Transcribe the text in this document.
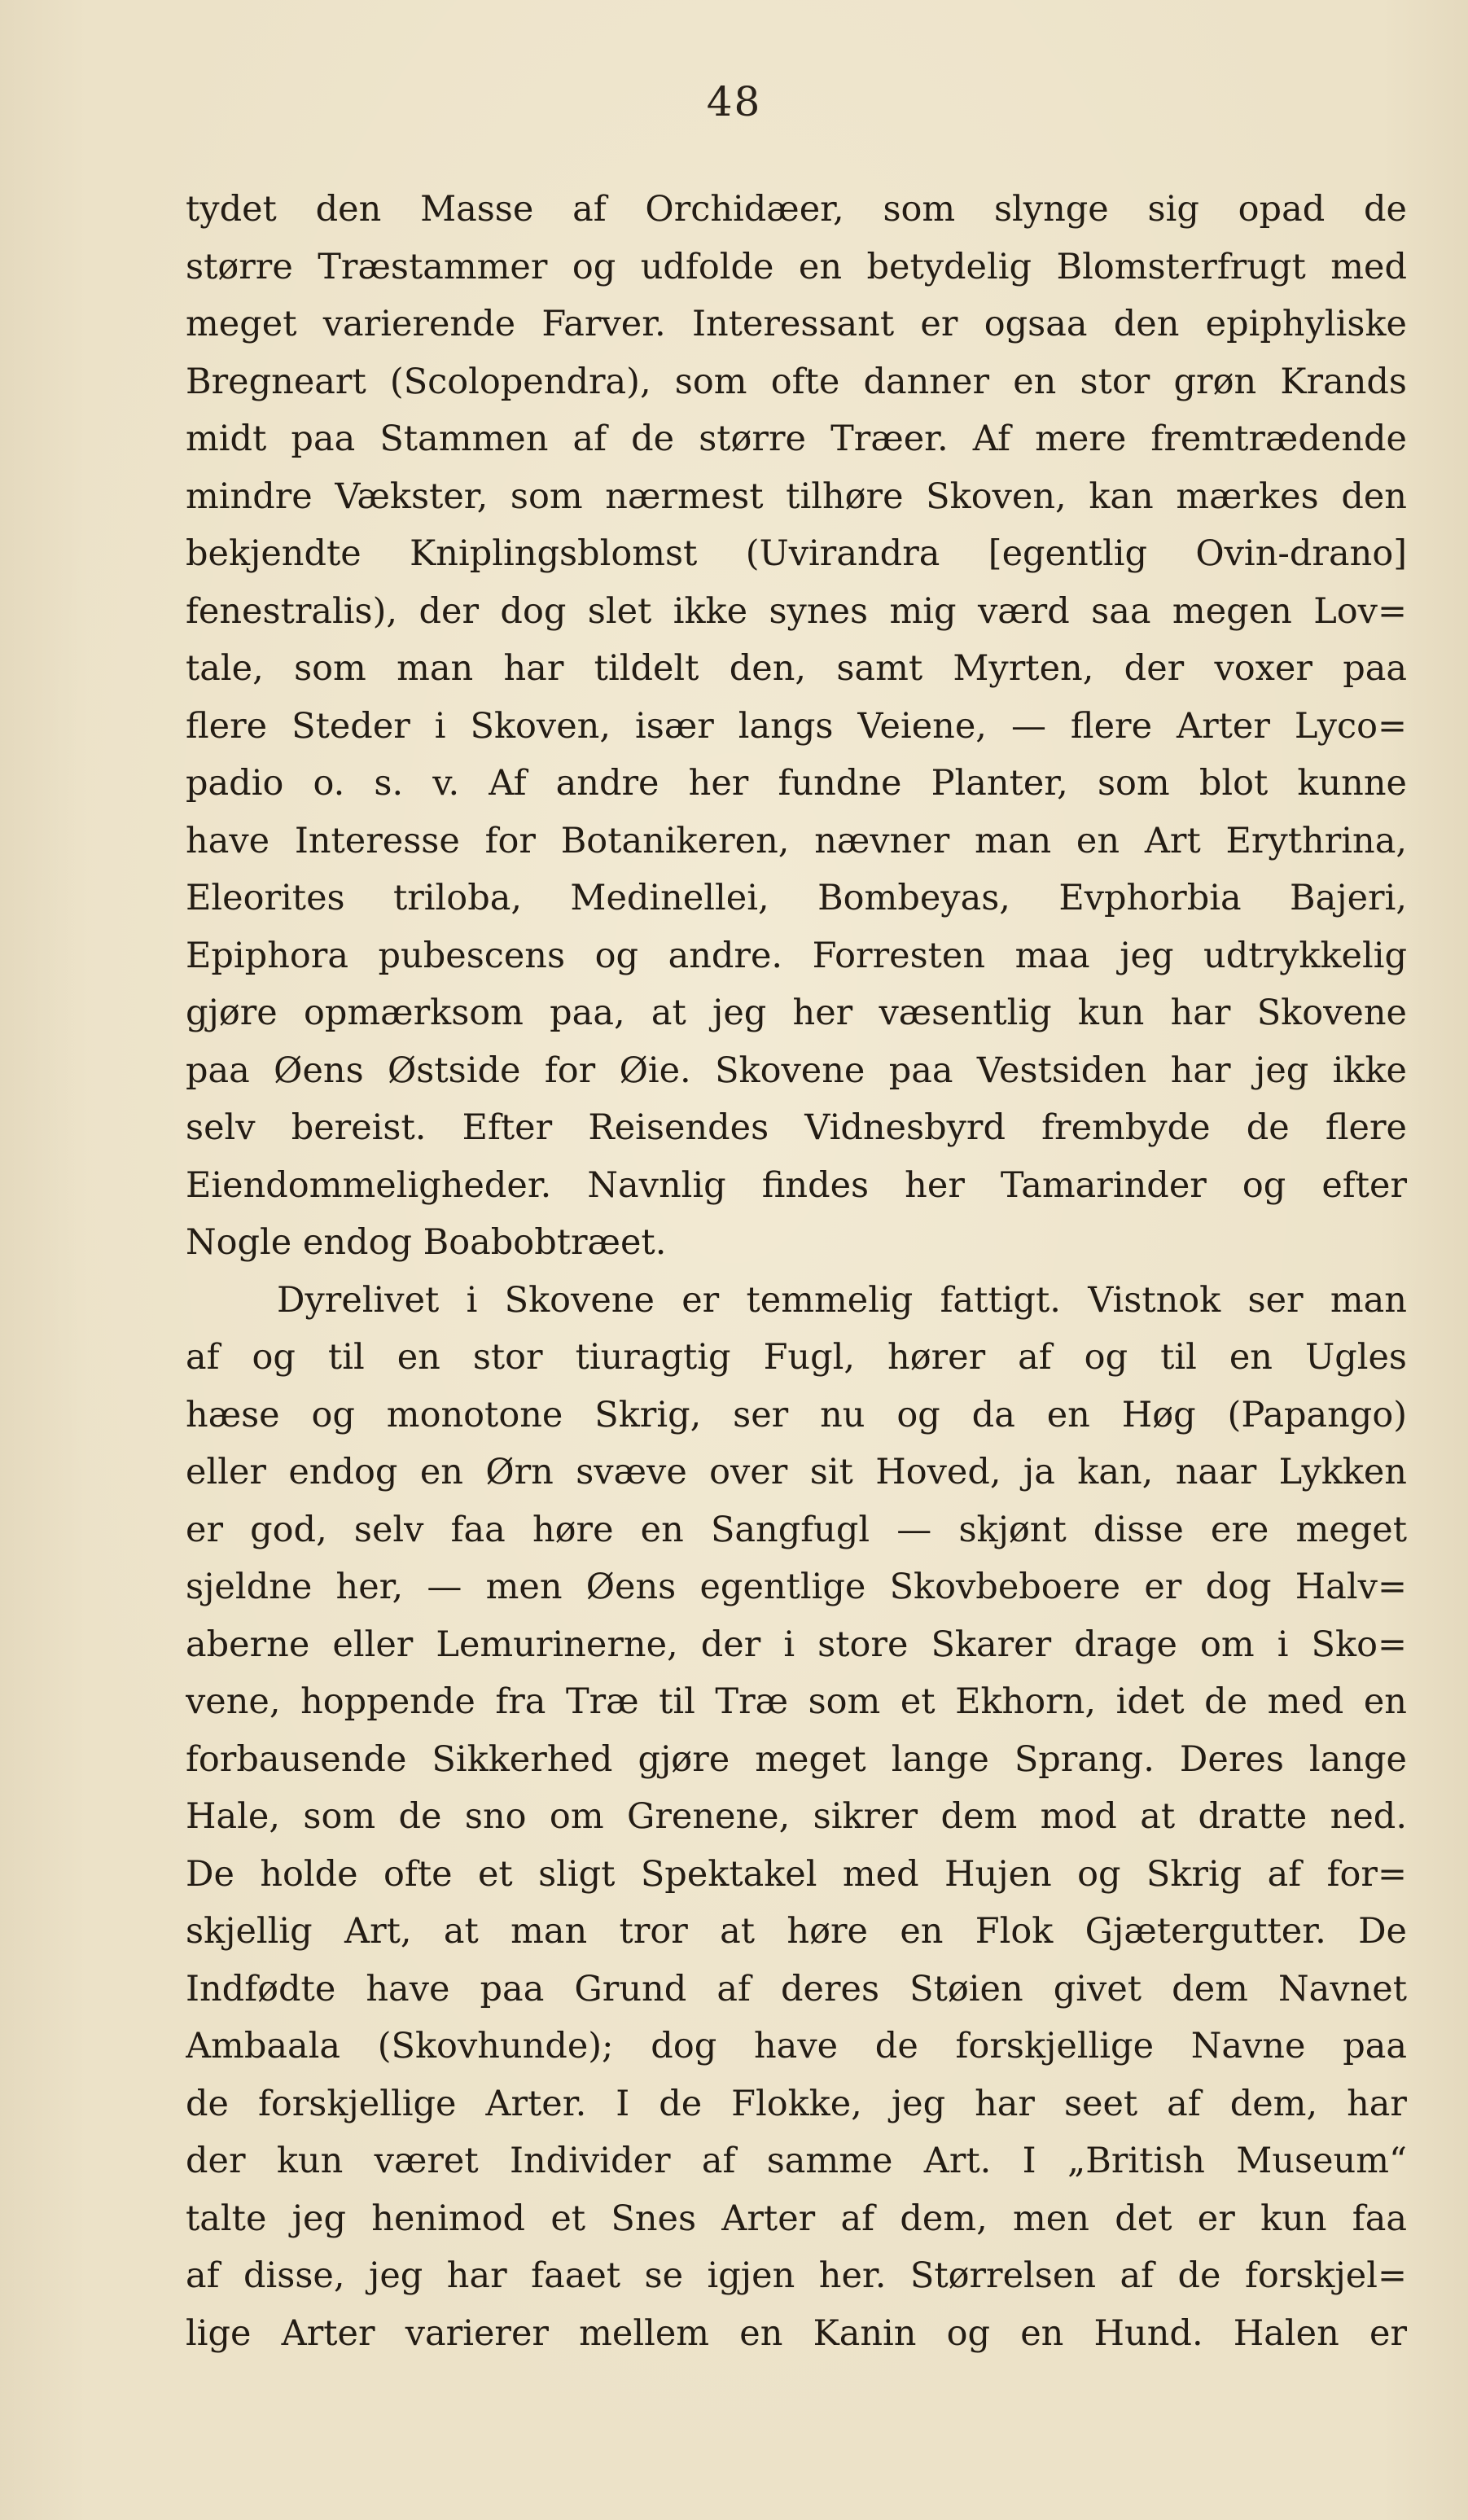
48
tydet den Masse af Orchidæer, som slynge sig opad de
større Træstammer og udfolde en betydelig Blomsterfrugt med
meget varierende Farver. Interessant er ogsaa den epiphyliske
Bregneart (Scolopendra), som ofte danner en stor grøn Krands
midt paa Stammen af de større Træer. Af mere fremtrædende
mindre Vækster, som nærmest tilhøre Skoven, kan mærkes den
bekjendte Kniplingsblomst (Uvirandra [egentlig Ovin-drano]
fenestralis), der dog slet ikke synes mig værd saa megen Lov=
tale, som man har tildelt den, samt Myrten, der voxer paa
flere Steder i Skoven, især langs Veiene, — flere Arter Lyco=
padio o. s. v. Af andre her fundne Planter, som blot kunne
have Interesse for Botanikeren, nævner man en Art Erythrina,
Eleorites triloba, Medinellei, Bombeyas, Evphorbia Bajeri,
Epiphora pubescens og andre. Forresten maa jeg udtrykkelig
gjøre opmærksom paa, at jeg her væsentlig kun har Skovene
paa Øens Østside for Øie. Skovene paa Vestsiden har jeg ikke
selv bereist. Efter Reisendes Vidnesbyrd frembyde de flere
Eiendommeligheder. Navnlig findes her Tamarinder og efter
Nogle endog Boabobtræet.
Dyrelivet i Skovene er temmelig fattigt. Vistnok ser man
af og til en stor tiuragtig Fugl, hører af og til en Ugles
hæse og monotone Skrig, ser nu og da en Høg (Papango)
eller endog en Ørn svæve over sit Hoved, ja kan, naar Lykken
er god, selv faa høre en Sangfugl — skjønt disse ere meget
sjeldne her, — men Øens egentlige Skovbeboere er dog Halv=
aberne eller Lemurinerne, der i store Skarer drage om i Sko=
vene, hoppende fra Træ til Træ som et Ekhorn, idet de med en
forbausende Sikkerhed gjøre meget lange Sprang. Deres lange
Hale, som de sno om Grenene, sikrer dem mod at dratte ned.
De holde ofte et sligt Spektakel med Hujen og Skrig af for=
skjellig Art, at man tror at høre en Flok Gjætergutter. De
Indfødte have paa Grund af deres Støien givet dem Navnet
Ambaala (Skovhunde); dog have de forskjellige Navne paa
de forskjellige Arter. I de Flokke, jeg har seet af dem, har
der kun været Individer af samme Art. I „British Museum“
talte jeg henimod et Snes Arter af dem, men det er kun faa
af disse, jeg har faaet se igjen her. Størrelsen af de forskjel=
lige Arter varierer mellem en Kanin og en Hund. Halen er
